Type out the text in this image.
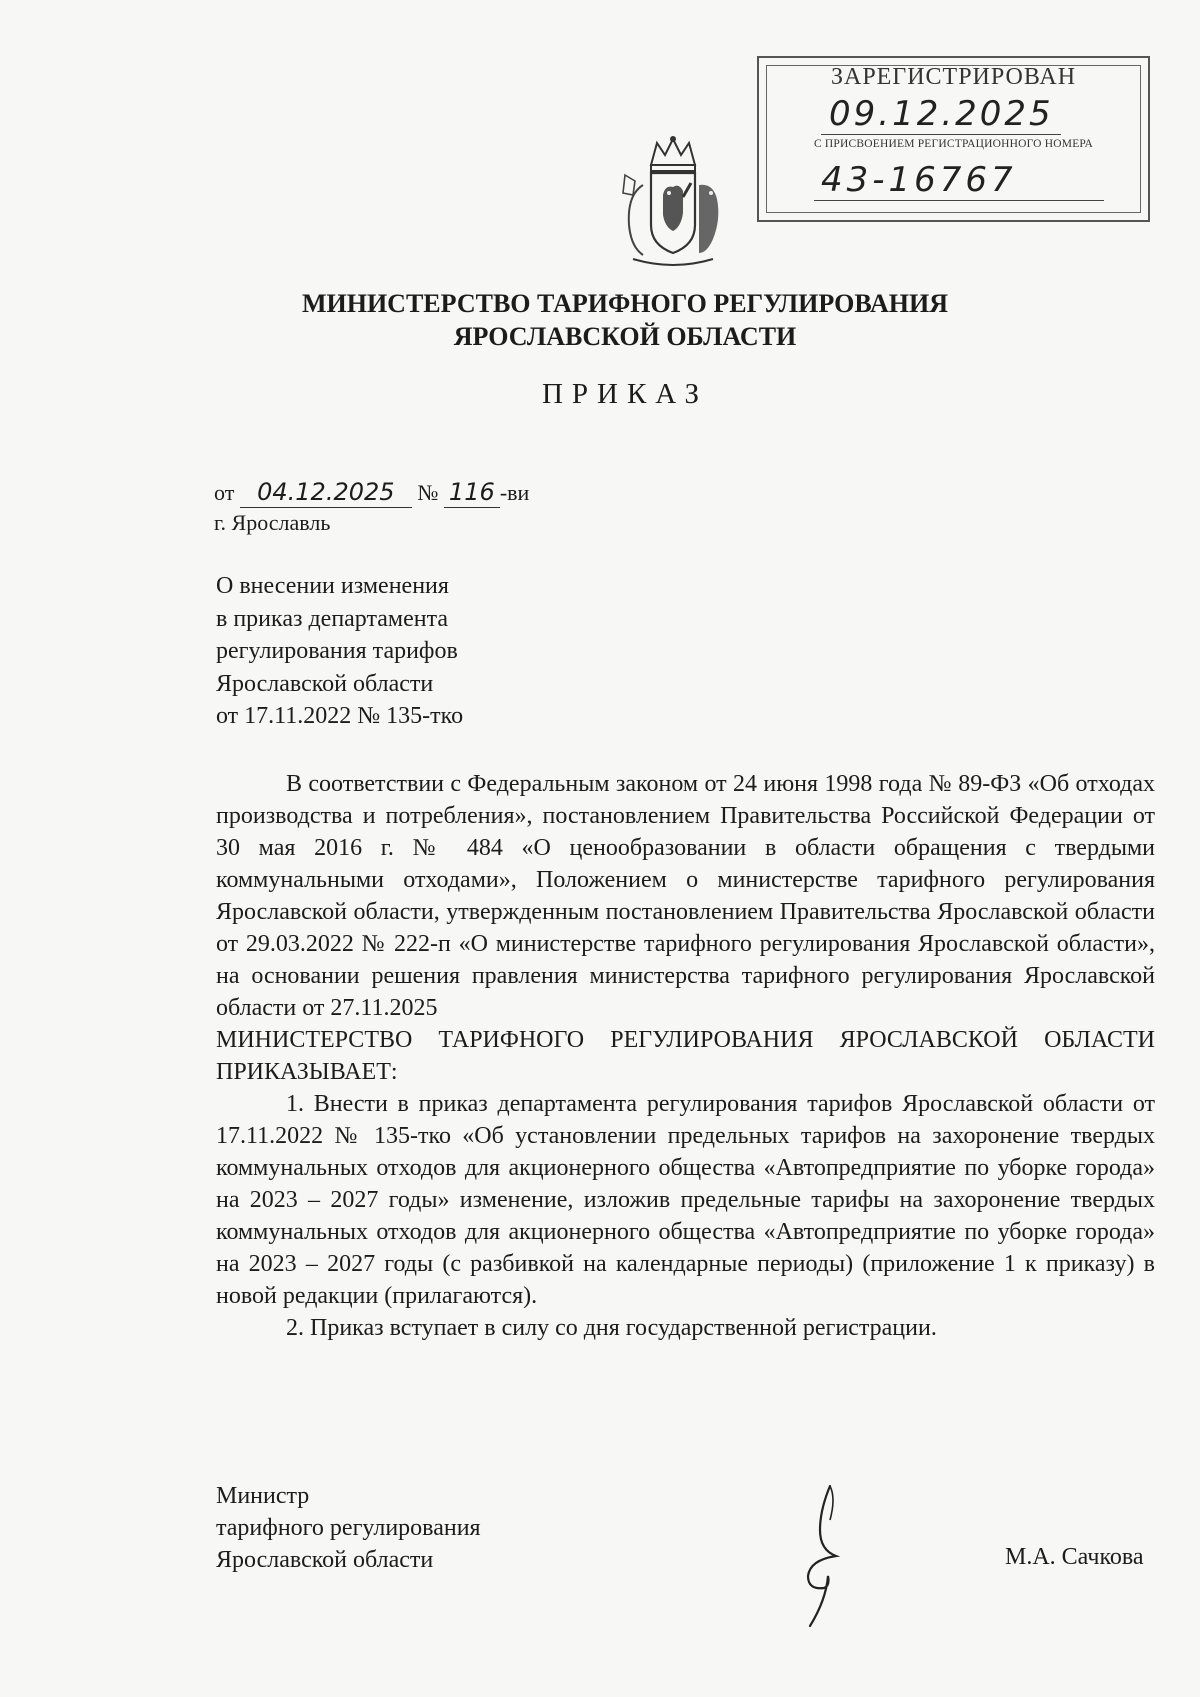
ЗАРЕГИСТРИРОВАН
09.12.2025
С ПРИСВОЕНИЕМ РЕГИСТРАЦИОННОГО НОМЕРА
43-16767
МИНИСТЕРСТВО ТАРИФНОГО РЕГУЛИРОВАНИЯ
ЯРОСЛАВСКОЙ ОБЛАСТИ
ПРИКАЗ
от 04.12.2025 № 116 -ви
г. Ярославль
О внесении изменения
в приказ департамента
регулирования тарифов
Ярославской области
от 17.11.2022 № 135-тко

В соответствии с Федеральным законом от 24 июня 1998 года № 89-ФЗ «Об отходах производства и потребления», постановлением Правительства Российской Федерации от 30 мая 2016 г. № 484 «О ценообразовании в области обращения с твердыми коммунальными отходами», Положением о министерстве тарифного регулирования Ярославской области, утвержденным постановлением Правительства Ярославской области от 29.03.2022 № 222-п «О министерстве тарифного регулирования Ярославской области», на основании решения правления министерства тарифного регулирования Ярославской области от 27.11.2025

МИНИСТЕРСТВО ТАРИФНОГО РЕГУЛИРОВАНИЯ ЯРОСЛАВСКОЙ ОБЛАСТИ ПРИКАЗЫВАЕТ:

1. Внести в приказ департамента регулирования тарифов Ярославской области от 17.11.2022 № 135-тко «Об установлении предельных тарифов на захоронение твердых коммунальных отходов для акционерного общества «Автопредприятие по уборке города» на 2023 – 2027 годы» изменение, изложив предельные тарифы на захоронение твердых коммунальных отходов для акционерного общества «Автопредприятие по уборке города» на 2023 – 2027 годы (с разбивкой на календарные периоды) (приложение 1 к приказу) в новой редакции (прилагаются).

2. Приказ вступает в силу со дня государственной регистрации.

Министр
тарифного регулирования
Ярославской области	М.А. Сачкова
